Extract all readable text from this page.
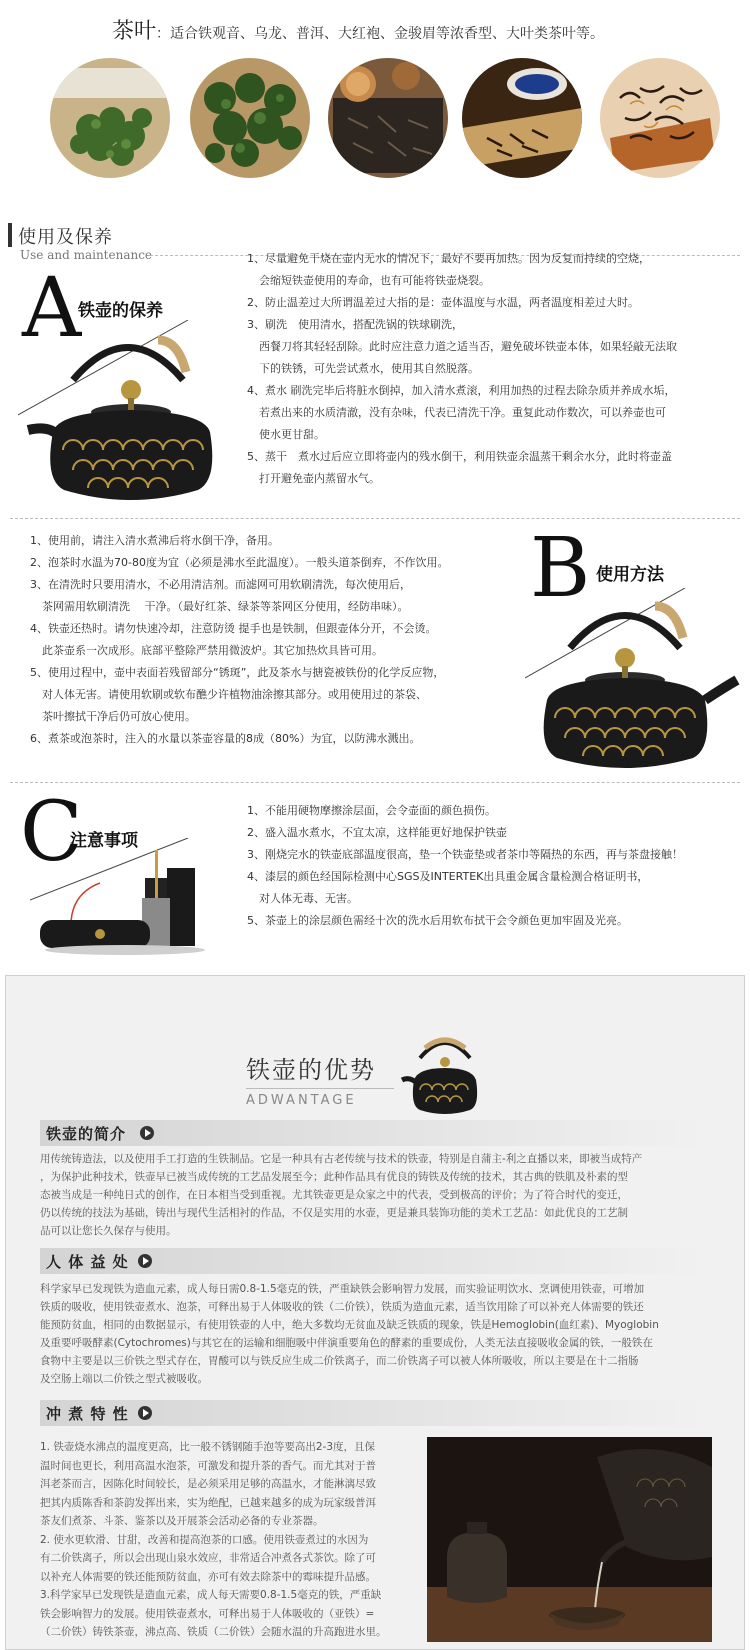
茶叶：适合铁观音、乌龙、普洱、大红袍、金骏眉等浓香型、大叶类茶叶等。
使用及保养
Use and maintenance
A
铁壶的保养
1、尽量避免干烧在壶内无水的情况下，最好不要再加热。因为反复而持续的空烧，
会缩短铁壶使用的寿命，也有可能将铁壶烧裂。
2、防止温差过大所谓温差过大指的是：壶体温度与水温，两者温度相差过大时。
3、刷洗　使用清水，搭配洗锅的铁球刷洗，
西餐刀将其轻轻刮除。此时应注意力道之适当否，避免破坏铁壶本体，如果轻敲无法取
下的铁锈，可先尝试煮水，使用其自然脱落。
4、煮水 刷洗完毕后将脏水倒掉，加入清水煮滚，利用加热的过程去除杂质并养成水垢，
若煮出来的水质清澈，没有杂味，代表已清洗干净。重复此动作数次，可以养壶也可
使水更甘甜。
5、蒸干　煮水过后应立即将壶内的残水倒干，利用铁壶余温蒸干剩余水分，此时将壶盖
打开避免壶内蒸留水气。
1、使用前，请注入清水煮沸后将水倒干净，备用。
2、泡茶时水温为70-80度为宜（必须是沸水至此温度）。一般头道茶倒弃，不作饮用。
3、在清洗时只要用清水，不必用清洁剂。而滤网可用软刷清洗，每次使用后，
茶网需用软刷清洗　 干净。（最好红茶、绿茶等茶网区分使用，经防串味）。
4、铁壶还热时。请勿快速冷却，注意防烫 提手也是铁制，但跟壶体分开，不会烫。
此茶壶系一次成形。底部平整除严禁用微波炉。其它加热炊具皆可用。
5、使用过程中，壶中表面若残留部分“锈斑”，此及茶水与搪瓷被铁份的化学反应物，
对人体无害。请使用软刷或软布醮少许植物油涂擦其部分。或用使用过的茶袋、
茶叶擦拭干净后仍可放心使用。
6、煮茶或泡茶时，注入的水量以茶壶容量的8成（80%）为宜，以防沸水溅出。
B 使用方法
C
注意事项
1、不能用硬物摩擦涂层面，会令壶面的颜色损伤。
2、盛入温水煮水，不宜太凉，这样能更好地保护铁壶
3、刚烧完水的铁壶底部温度很高，垫一个铁壶垫或者茶巾等隔热的东西，再与茶盘接触！
4、漆层的颜色经国际检测中心SGS及INTERTEK出具重金属含量检测合格证明书，
对人体无毒、无害。
5、茶壶上的涂层颜色需经十次的洗水后用软布拭干会令颜色更加牢固及光亮。
铁壶的优势
ADWANTAGE
铁壶的简介
用传统铸造法，以及使用手工打造的生铁制品。它是一种具有古老传统与技术的铁壶，特别是自蒲主-利之直播以来，即被当成特产
，为保护此种技术，铁壶早已被当成传统的工艺品发展至今；此种作品具有优良的铸铁及传统的技术，其古典的铁肌及朴素的型
态被当成是一种纯日式的创作，在日本相当受到重视。尤其铁壶更是众家之中的代表，受到极高的评价；为了符合时代的变迁，
仍以传统的技法为基础，铸出与现代生活相衬的作品，不仅是实用的水壶，更是兼具装饰功能的美术工艺品：如此优良的工艺制
品可以让您长久保存与使用。
人 体 益 处
科学家早已发现铁为造血元素，成人每日需0.8-1.5毫克的铁，严重缺铁会影响智力发展，而实验证明饮水、烹调使用铁壶，可增加
铁质的吸收，使用铁壶煮水、泡茶，可释出易于人体吸收的铁（二价铁），铁质为造血元素，适当饮用除了可以补充人体需要的铁还
能预防贫血，相同的由数据显示，有使用铁壶的人中，绝大多数均无贫血及缺乏铁质的现象，铁是Hemoglobin(血红素)、Myoglobin
及重要呼吸酵素(Cytochromes)与其它在的运输和细胞吸中伴演重要角色的酵素的重要成份，人类无法直接吸收金属的铁，一般铁在
食物中主要是以三价铁之型式存在，胃酸可以与铁反应生成二价铁离子，而二价铁离子可以被人体所吸收，所以主要是在十二指肠
及空肠上端以二价铁之型式被吸收。
冲 煮 特 性
1. 铁壶烧水沸点的温度更高，比一般不锈钢随手泡等要高出2-3度，且保
温时间也更长，利用高温水泡茶，可激发和提升茶的香气。而尤其对于普
洱老茶而言，因陈化时间较长，是必须采用足够的高温水，才能淋漓尽致
把其内质陈香和茶韵发挥出来，实为绝配，已越来越多的成为玩家级普洱
茶友们煮茶、斗茶、鉴茶以及开展茶会活动必备的专业茶器。
2. 使水更软滑、甘甜，改善和提高泡茶的口感。使用铁壶煮过的水因为
有二价铁离子，所以会出现山泉水效应，非常适合冲煮各式茶饮。除了可
以补充人体需要的铁还能预防贫血，亦可有效去除茶中的霉味提升品感。
3.科学家早已发现铁是造血元素，成人每天需要0.8-1.5毫克的铁，严重缺
铁会影响智力的发展。使用铁壶煮水，可释出易于人体吸收的（亚铁）=
（二价铁）铸铁茶壶，沸点高、铁质（二价铁）会随水温的升高跑进水里。
